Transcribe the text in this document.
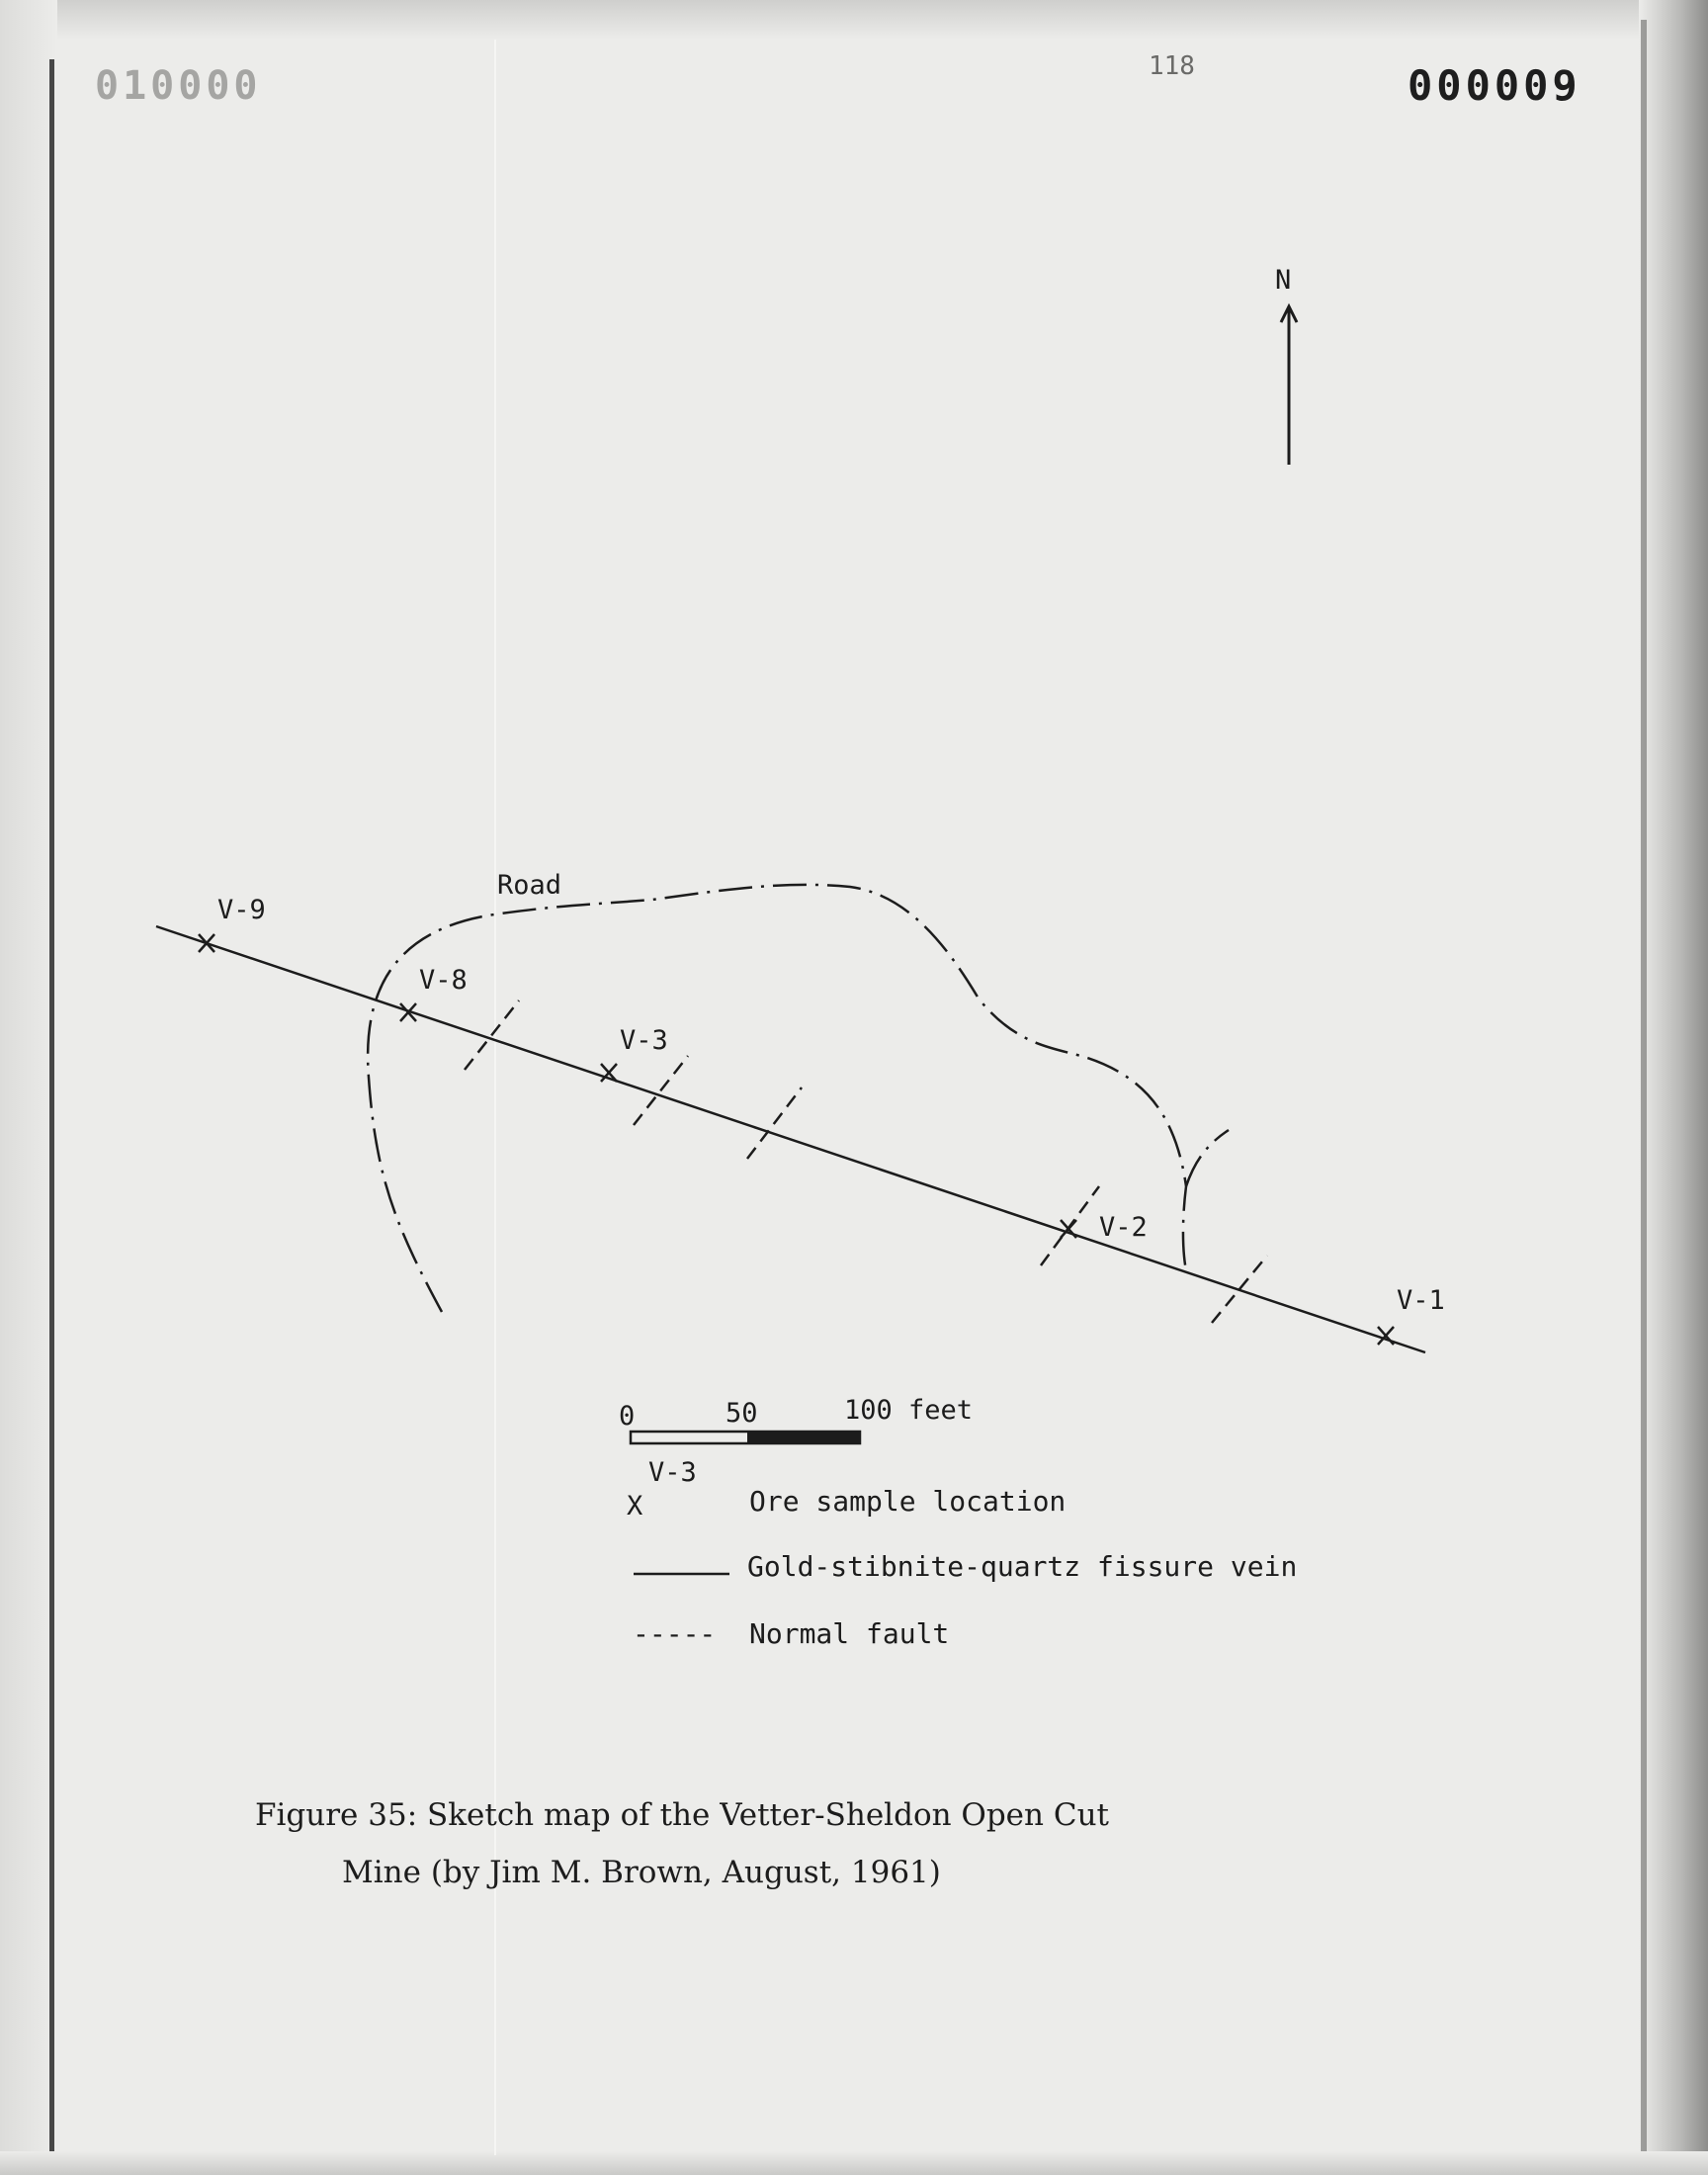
010000	118	000009
N
Road
V-9
V-8
V-3
V-2
V-1
0	50	100 feet
V-3
X	Ore sample location
Gold-stibnite-quartz fissure vein
----- Normal fault
Figure 35: Sketch map of the Vetter-Sheldon Open Cut
Mine (by Jim M. Brown, August, 1961)
